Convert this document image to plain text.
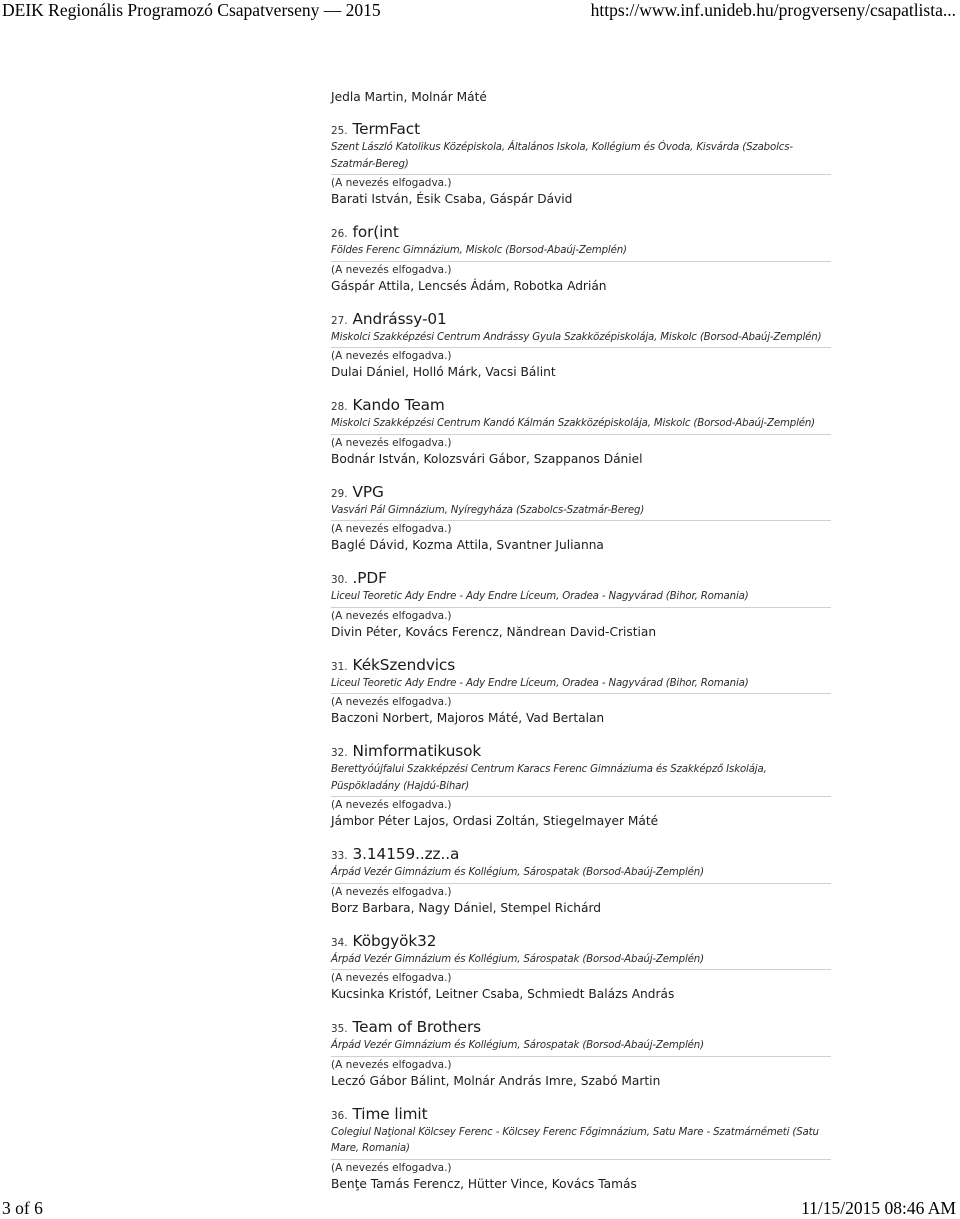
DEIK Regionális Programozó Csapatverseny — 2015	https://www.inf.unideb.hu/progverseny/csapatlista...
Jedla Martin, Molnár Máté
25. TermFact
Szent László Katolikus Középiskola, Általános Iskola, Kollégium és Óvoda, Kisvárda (Szabolcs-Szatmár-Bereg)
(A nevezés elfogadva.)
Barati István, Ésik Csaba, Gáspár Dávid
26. for(int
Földes Ferenc Gimnázium, Miskolc (Borsod-Abaúj-Zemplén)
(A nevezés elfogadva.)
Gáspár Attila, Lencsés Ádám, Robotka Adrián
27. Andrássy-01
Miskolci Szakképzési Centrum Andrássy Gyula Szakközépiskolája, Miskolc (Borsod-Abaúj-Zemplén)
(A nevezés elfogadva.)
Dulai Dániel, Holló Márk, Vacsi Bálint
28. Kando Team
Miskolci Szakképzési Centrum Kandó Kálmán Szakközépiskolája, Miskolc (Borsod-Abaúj-Zemplén)
(A nevezés elfogadva.)
Bodnár István, Kolozsvári Gábor, Szappanos Dániel
29. VPG
Vasvári Pál Gimnázium, Nyíregyháza (Szabolcs-Szatmár-Bereg)
(A nevezés elfogadva.)
Baglé Dávid, Kozma Attila, Svantner Julianna
30. .PDF
Liceul Teoretic Ady Endre - Ady Endre Líceum, Oradea - Nagyvárad (Bihor, Romania)
(A nevezés elfogadva.)
Divin Péter, Kovács Ferencz, Năndrean David-Cristian
31. KékSzendvics
Liceul Teoretic Ady Endre - Ady Endre Líceum, Oradea - Nagyvárad (Bihor, Romania)
(A nevezés elfogadva.)
Baczoni Norbert, Majoros Máté, Vad Bertalan
32. Nimformatikusok
Berettyóújfalui Szakképzési Centrum Karacs Ferenc Gimnáziuma és Szakképző Iskolája, Püspökladány (Hajdú-Bihar)
(A nevezés elfogadva.)
Jámbor Péter Lajos, Ordasi Zoltán, Stiegelmayer Máté
33. 3.14159..zz..a
Árpád Vezér Gimnázium és Kollégium, Sárospatak (Borsod-Abaúj-Zemplén)
(A nevezés elfogadva.)
Borz Barbara, Nagy Dániel, Stempel Richárd
34. Köbgyök32
Árpád Vezér Gimnázium és Kollégium, Sárospatak (Borsod-Abaúj-Zemplén)
(A nevezés elfogadva.)
Kucsinka Kristóf, Leitner Csaba, Schmiedt Balázs András
35. Team of Brothers
Árpád Vezér Gimnázium és Kollégium, Sárospatak (Borsod-Abaúj-Zemplén)
(A nevezés elfogadva.)
Leczó Gábor Bálint, Molnár András Imre, Szabó Martin
36. Time limit
Colegiul Naţional Kölcsey Ferenc - Kölcsey Ferenc Főgimnázium, Satu Mare - Szatmárnémeti (Satu Mare, Romania)
(A nevezés elfogadva.)
Benţe Tamás Ferencz, Hütter Vince, Kovács Tamás
3 of 6	11/15/2015 08:46 AM
